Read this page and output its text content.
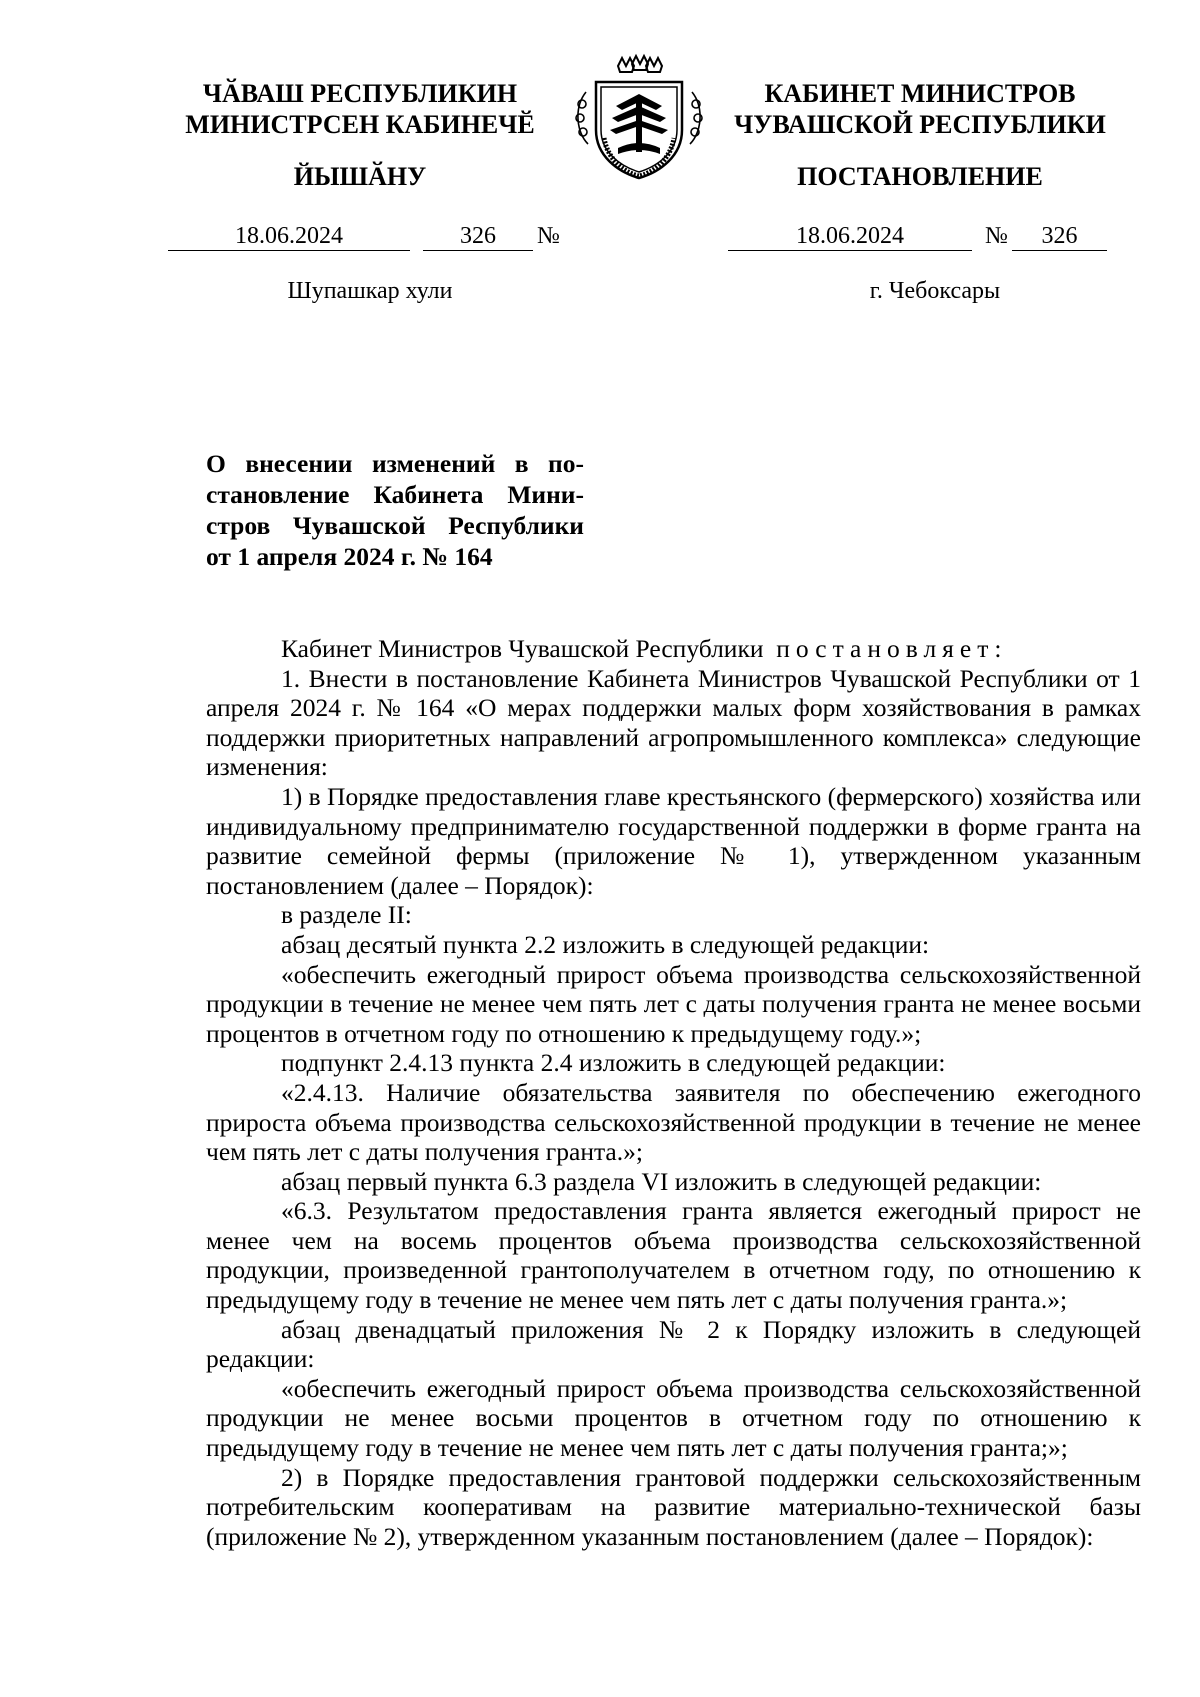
ЧӐВАШ РЕСПУБЛИКИН
МИНИСТРСЕН КАБИНЕЧӖ
ЙЫШӐНУ
КАБИНЕТ МИНИСТРОВ
ЧУВАШСКОЙ РЕСПУБЛИКИ
ПОСТАНОВЛЕНИЕ
18.06.2024	326	№	18.06.2024	№	326
Шупашкар хули	г. Чебоксары
О внесении изменений в по-
становление Кабинета Мини-
стров Чувашской Республики
от 1 апреля 2024 г. № 164

Кабинет Министров Чувашской Республики постановляет:

1. Внести в постановление Кабинета Министров Чувашской Республики от 1 апреля 2024 г. № 164 «О мерах поддержки малых форм хозяйствования в рамках поддержки приоритетных направлений агропромышленного комплекса» следующие изменения:

1) в Порядке предоставления главе крестьянского (фермерского) хозяйства или индивидуальному предпринимателю государственной поддержки в форме гранта на развитие семейной фермы (приложение № 1), утвержденном указанным постановлением (далее – Порядок):

в разделе II:

абзац десятый пункта 2.2 изложить в следующей редакции:

«обеспечить ежегодный прирост объема производства сельскохозяйственной продукции в течение не менее чем пять лет с даты получения гранта не менее восьми процентов в отчетном году по отношению к предыдущему году.»;

подпункт 2.4.13 пункта 2.4 изложить в следующей редакции:

«2.4.13. Наличие обязательства заявителя по обеспечению ежегодного прироста объема производства сельскохозяйственной продукции в течение не менее чем пять лет с даты получения гранта.»;

абзац первый пункта 6.3 раздела VI изложить в следующей редакции:

«6.3. Результатом предоставления гранта является ежегодный прирост не менее чем на восемь процентов объема производства сельскохозяйственной продукции, произведенной грантополучателем в отчетном году, по отношению к предыдущему году в течение не менее чем пять лет с даты получения гранта.»;

абзац двенадцатый приложения № 2 к Порядку изложить в следующей редакции:

«обеспечить ежегодный прирост объема производства сельскохозяйственной продукции не менее восьми процентов в отчетном году по отношению к предыдущему году в течение не менее чем пять лет с даты получения гранта;»;

2) в Порядке предоставления грантовой поддержки сельскохозяйственным потребительским кооперативам на развитие материально-технической базы (приложение № 2), утвержденном указанным постановлением (далее – Порядок):
